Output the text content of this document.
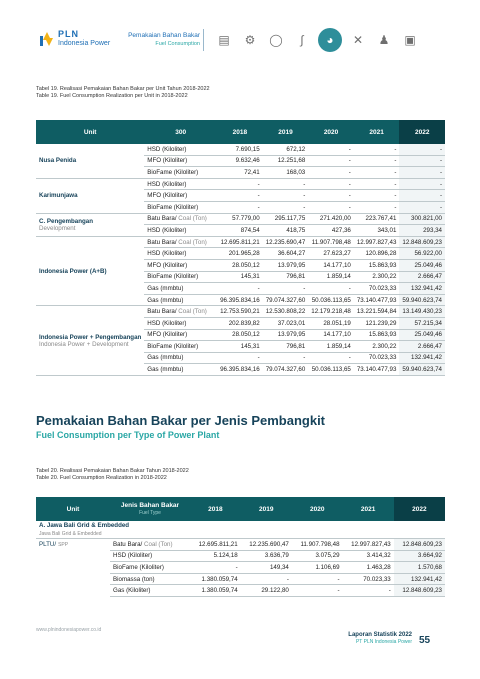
PLN
Indonesia Power
Pemakaian Bahan Bakar
Fuel Consumption	▤	⚙	◯	∫	◕	✕	♟	▣
Tabel 19. Realisasi Pemakaian Bahan Bakar per Unit Tahun 2018-2022
Table 19. Fuel Consumption Realization per Unit in 2018-2022
Unit	300	2018	2019	2020	2021	2022
Nusa Penida	HSD (Kiloliter)	7.690,15	672,12	-	-	-
	MFO (Kiloliter)	9.632,46	12.251,68	-	-	-
	BioFame (Kiloliter)	72,41	168,03	-	-	-
Karimunjawa	HSD (Kiloliter)	-	-	-	-	-
	MFO (Kiloliter)	-	-	-	-	-
	BioFame (Kiloliter)	-	-	-	-	-
C. Pengembangan
Development	Batu Bara/ Coal (Ton)	57.779,00	295.117,75	271.420,00	223.767,41	300.821,00
	HSD (Kiloliter)	874,54	418,75	427,36	343,01	293,34
Indonesia Power (A+B)	Batu Bara/ Coal (Ton)	12.695.811,21	12.235.690,47	11.907.798,48	12.997.827,43	12.848.609,23
	HSD (Kiloliter)	201.965,28	36.604,27	27.623,27	120.896,28	56.922,00
	MFO (Kiloliter)	28.050,12	13.979,95	14.177,10	15.863,93	25.049,46
	BioFame (Kiloliter)	145,31	796,81	1.859,14	2.300,22	2.666,47
	Gas (mmbtu)	-	-	-	70.023,33	132.941,42
	Gas (mmbtu)	96.395.834,16	79.074.327,60	50.036.113,65	73.140.477,93	59.940.623,74
Indonesia Power + Pengembangan
Indonesia Power + Development	Batu Bara/ Coal (Ton)	12.753.590,21	12.530.808,22	12.179.218,48	13.221.594,84	13.149.430,23
	HSD (Kiloliter)	202.839,82	37.023,01	28.051,19	121.239,29	57.215,34
	MFO (Kiloliter)	28.050,12	13.979,95	14.177,10	15.863,93	25.049,46
	BioFame (Kiloliter)	145,31	796,81	1.859,14	2.300,22	2.666,47
	Gas (mmbtu)	-	-	-	70.023,33	132.941,42
	Gas (mmbtu)	96.395.834,16	79.074.327,60	50.036.113,65	73.140.477,93	59.940.623,74
Pemakaian Bahan Bakar per Jenis Pembangkit
Fuel Consumption per Type of Power Plant
Tabel 20. Realisasi Pemakaian Bahan Bakar Tahun 2018-2022
Table 20. Fuel Consumption Realization in 2018-2022
Unit	Jenis Bahan Bakar
Fuel Type	2018	2019	2020	2021	2022
A. Jawa Bali Grid & Embedded						
Jawa Bali Grid & Embedded						
PLTU/ SPP	Batu Bara/ Coal (Ton)	12.695.811,21	12.235.690,47	11.907.798,48	12.997.827,43	12.848.609,23
	HSD (Kiloliter)	5.124,18	3.636,79	3.075,29	3.414,32	3.664,92
	BioFame (Kiloliter)	-	149,34	1.106,69	1.463,28	1.570,68
	Biomassa (ton)	1.380.059,74	-	-	70.023,33	132.941,42
	Gas (Kiloliter)	1.380.059,74	29.122,80	-	-	12.848.609,23
www.plnindonesiapower.co.id
Laporan Statistik 2022
PT PLN Indonesia Power 55
